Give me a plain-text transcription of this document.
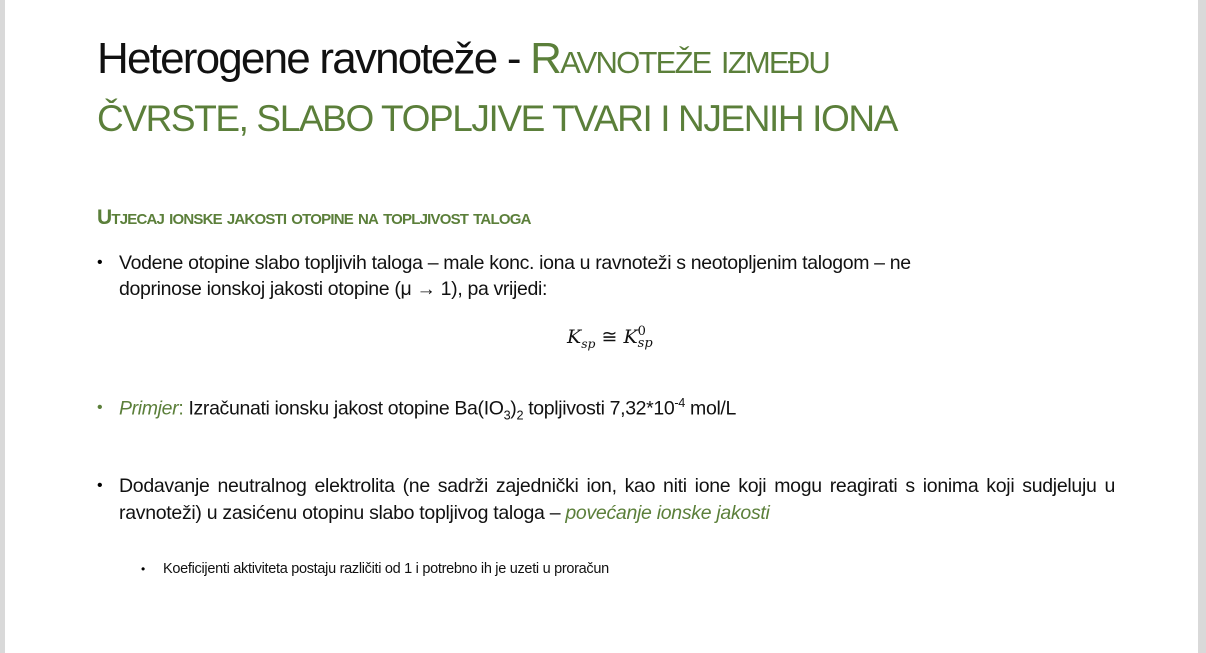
Heterogene ravnoteže - Ravnoteže između
ČVRSTE, SLABO TOPLJIVE TVARI I NJENIH IONA
Utjecaj ionske jakosti otopine na topljivost taloga
• Vodene otopine slabo topljivih taloga – male konc. iona u ravnoteži s neotopljenim talogom – ne
doprinose ionskoj jakosti otopine (μ → 1), pa vrijedi:
$K_{sp}$ ≅ K 0
sp
• Primjer: Izračunati ionsku jakost otopine $Ba(IO_3)_2$ topljivosti $7,32*10^{-4}$ mol/L
• Dodavanje neutralnog elektrolita (ne sadrži zajednički ion, kao niti ione koji mogu reagirati s ionima koji sudjeluju u ravnoteži) u zasićenu otopinu slabo topljivog taloga – povećanje ionske jakosti
• Koeficijenti aktiviteta postaju različiti od 1 i potrebno ih je uzeti u proračun
